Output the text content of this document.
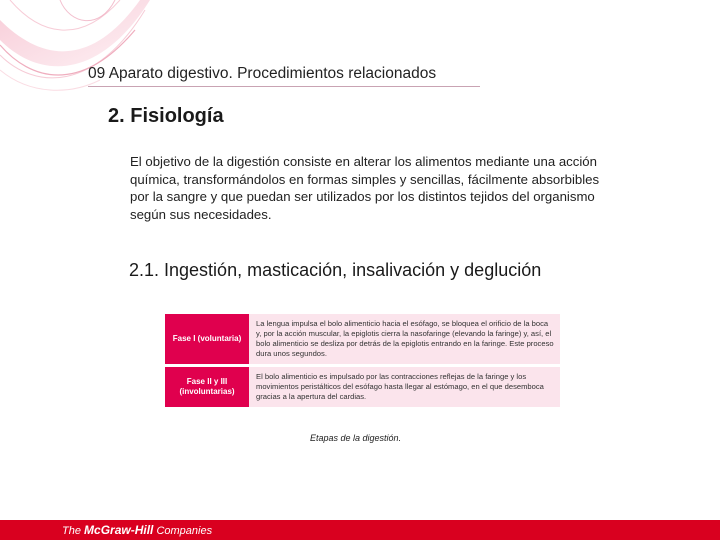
09 Aparato digestivo. Procedimientos relacionados
2. Fisiología

El objetivo de la digestión consiste en alterar los alimentos mediante una acción química, transformándolos en formas simples y sencillas, fácilmente absorbibles por la sangre y que puedan ser utilizados por los distintos tejidos del organismo según sus necesidades.

2.1. Ingestión, masticación, insalivación y deglución
Fase I (voluntaria)	La lengua impulsa el bolo alimenticio hacia el esófago, se bloquea el orificio de la boca y, por la acción muscular, la epiglotis cierra la nasofaringe (elevando la faringe) y, así, el bolo alimenticio se desliza por detrás de la epiglotis entrando en la faringe. Este proceso dura unos segundos.

Fase II y III (involuntarias)	El bolo alimenticio es impulsado por las contracciones reflejas de la faringe y los movimientos peristálticos del esófago hasta llegar al estómago, en el que desemboca gracias a la apertura del cardias.
Etapas de la digestión.
The McGraw-Hill Companies
